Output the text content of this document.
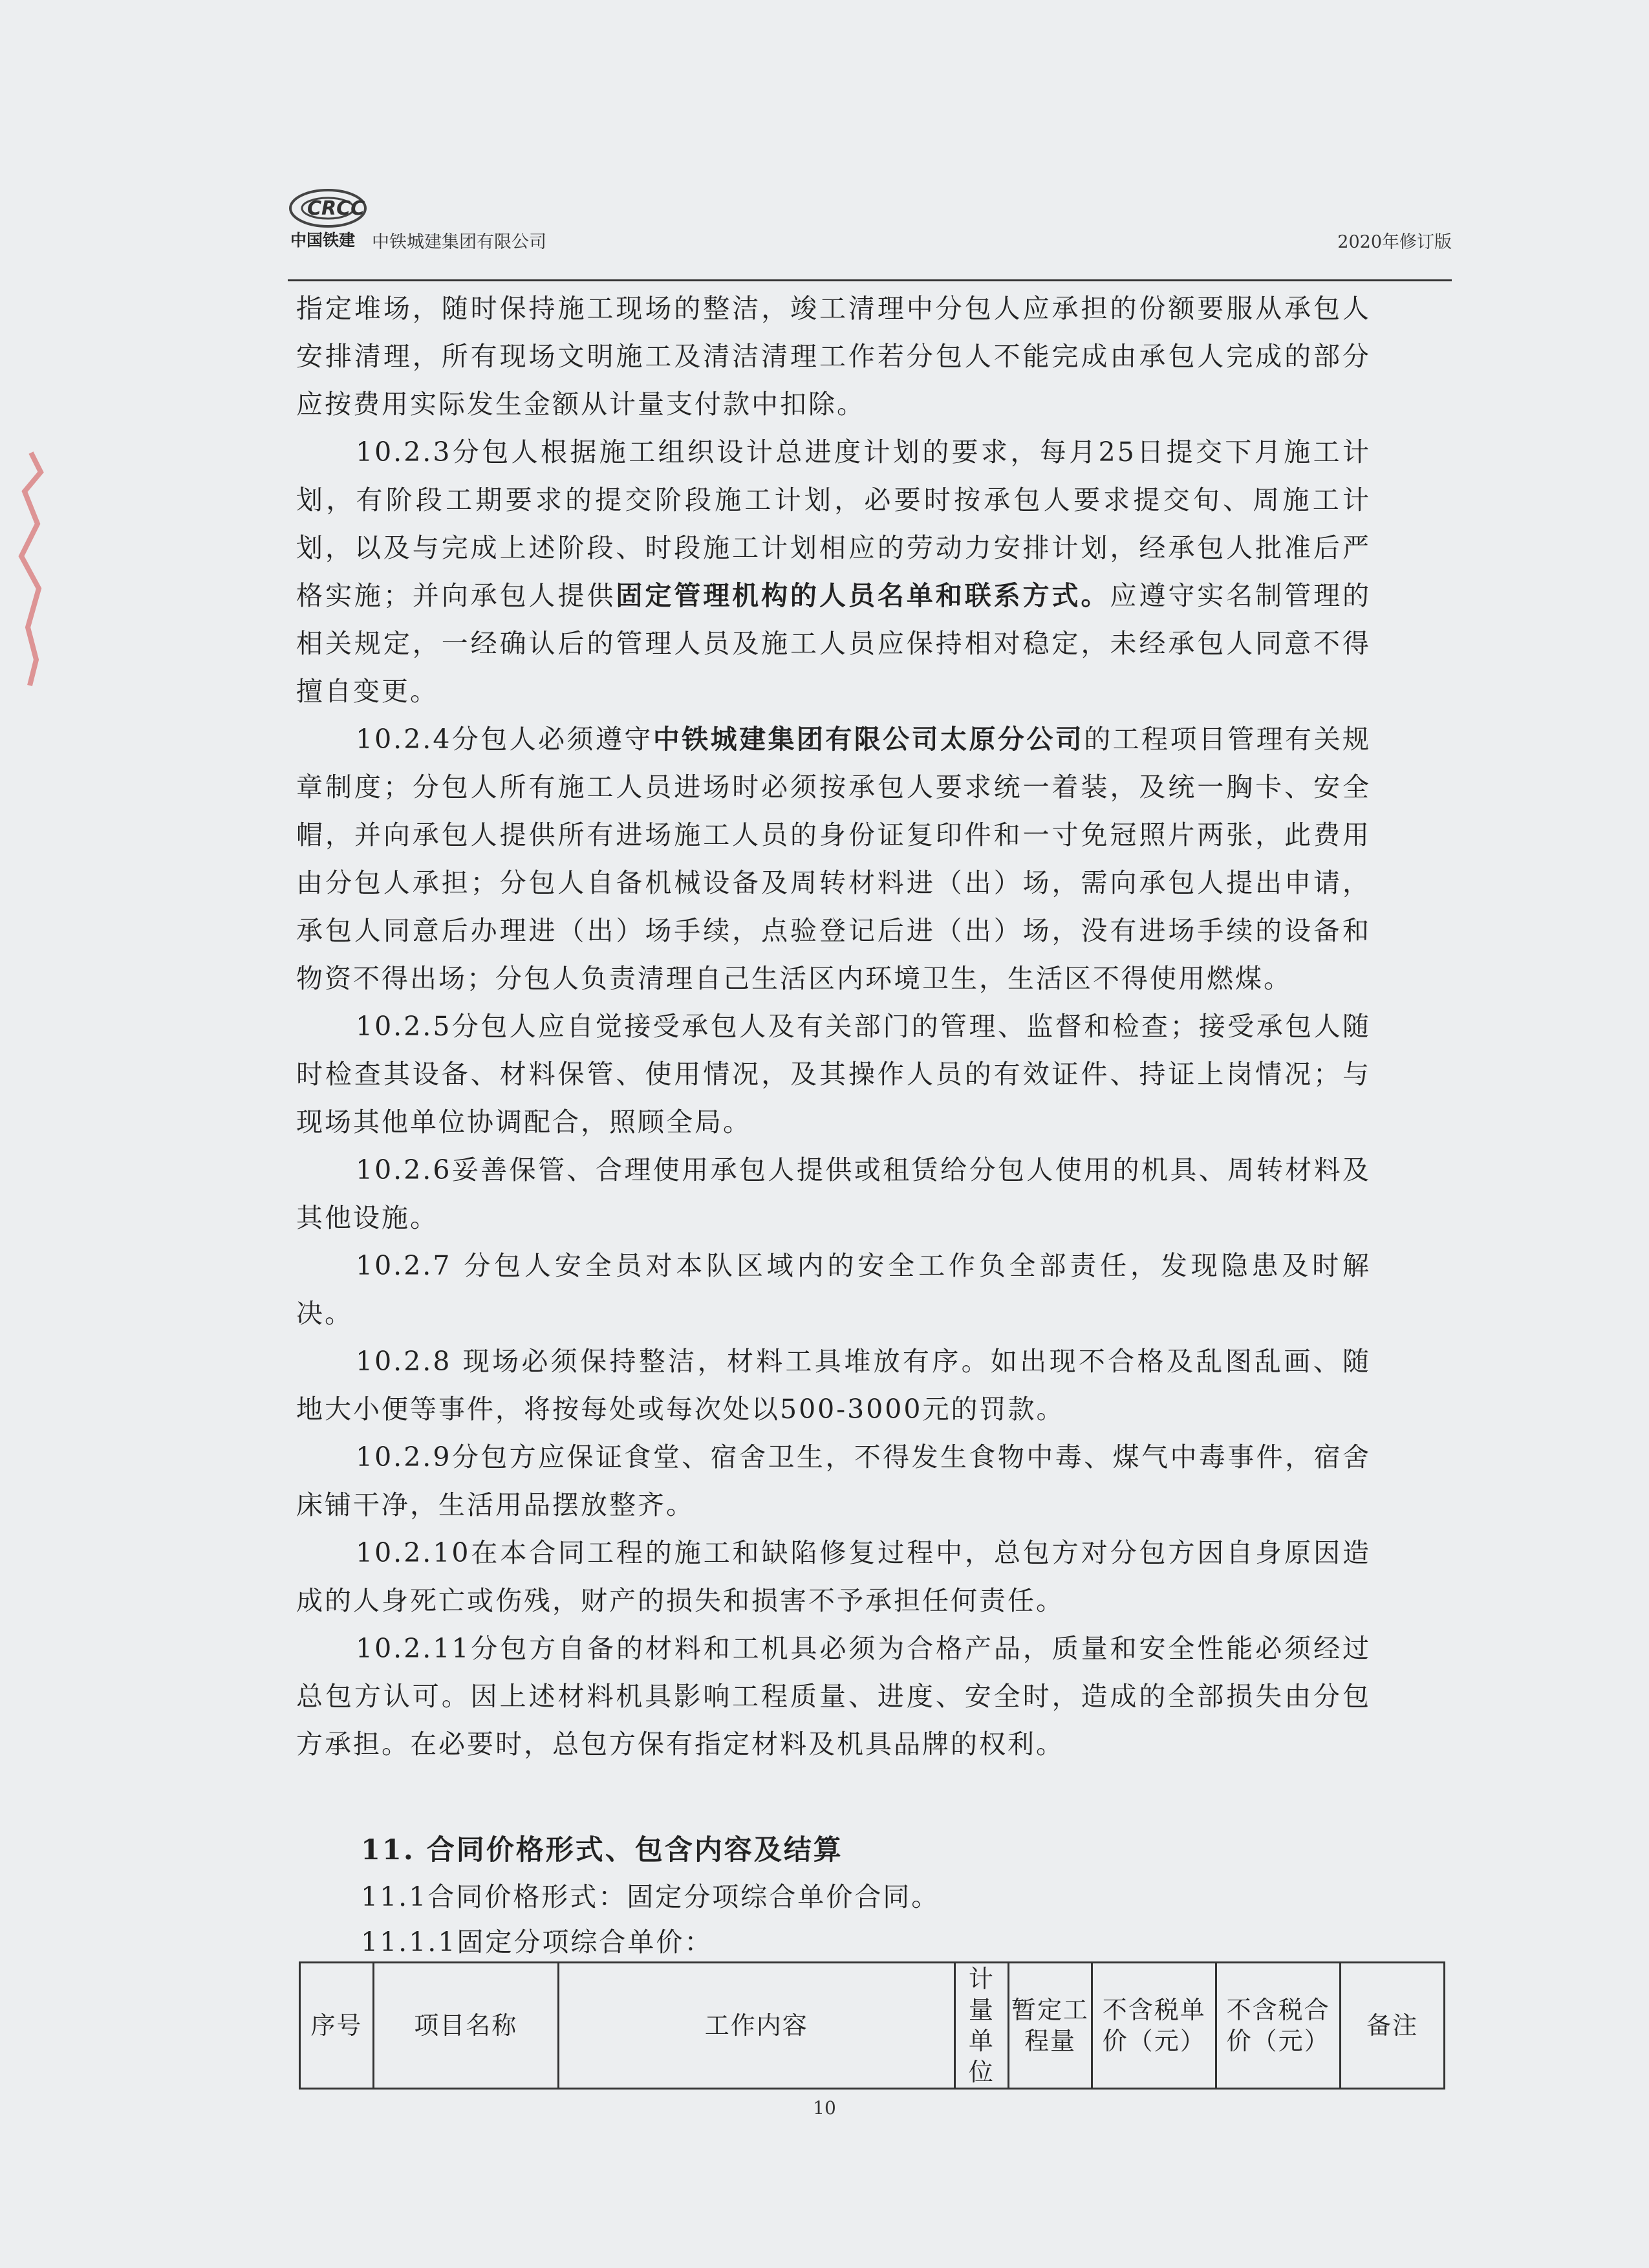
CRCC
中国铁建 中铁城建集团有限公司	2020年修订版

指定堆场，随时保持施工现场的整洁，竣工清理中分包人应承担的份额要服从承包人安排清理，所有现场文明施工及清洁清理工作若分包人不能完成由承包人完成的部分应按费用实际发生金额从计量支付款中扣除。

10.2.3分包人根据施工组织设计总进度计划的要求，每月25日提交下月施工计划，有阶段工期要求的提交阶段施工计划，必要时按承包人要求提交旬、周施工计划，以及与完成上述阶段、时段施工计划相应的劳动力安排计划，经承包人批准后严格实施；并向承包人提供固定管理机构的人员名单和联系方式。应遵守实名制管理的相关规定，一经确认后的管理人员及施工人员应保持相对稳定，未经承包人同意不得擅自变更。

10.2.4分包人必须遵守中铁城建集团有限公司太原分公司的工程项目管理有关规章制度；分包人所有施工人员进场时必须按承包人要求统一着装，及统一胸卡、安全帽，并向承包人提供所有进场施工人员的身份证复印件和一寸免冠照片两张，此费用由分包人承担；分包人自备机械设备及周转材料进（出）场，需向承包人提出申请，承包人同意后办理进（出）场手续，点验登记后进（出）场，没有进场手续的设备和物资不得出场；分包人负责清理自己生活区内环境卫生，生活区不得使用燃煤。

10.2.5分包人应自觉接受承包人及有关部门的管理、监督和检查；接受承包人随时检查其设备、材料保管、使用情况，及其操作人员的有效证件、持证上岗情况；与现场其他单位协调配合，照顾全局。

10.2.6妥善保管、合理使用承包人提供或租赁给分包人使用的机具、周转材料及其他设施。

10.2.7 分包人安全员对本队区域内的安全工作负全部责任，发现隐患及时解决。

10.2.8 现场必须保持整洁，材料工具堆放有序。如出现不合格及乱图乱画、随地大小便等事件，将按每处或每次处以500-3000元的罚款。

10.2.9分包方应保证食堂、宿舍卫生，不得发生食物中毒、煤气中毒事件，宿舍床铺干净，生活用品摆放整齐。

10.2.10在本合同工程的施工和缺陷修复过程中，总包方对分包方因自身原因造成的人身死亡或伤残，财产的损失和损害不予承担任何责任。

10.2.11分包方自备的材料和工机具必须为合格产品，质量和安全性能必须经过总包方认可。因上述材料机具影响工程质量、进度、安全时，造成的全部损失由分包方承担。在必要时，总包方保有指定材料及机具品牌的权利。

11. 合同价格形式、包含内容及结算

11.1合同价格形式：固定分项综合单价合同。

11.1.1固定分项综合单价：

序号	项目名称	工作内容	计量单位	暂定工程量	不含税单价（元）	不含税合价（元）	备注
10
